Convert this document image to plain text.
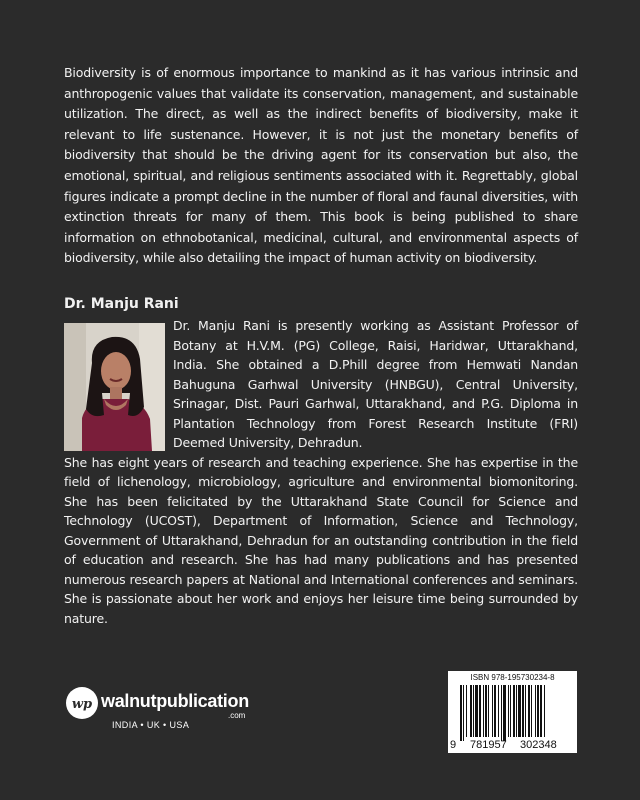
Biodiversity is of enormous importance to mankind as it has various intrinsic and anthropogenic values that validate its conservation, management, and sustainable utilization. The direct, as well as the indirect benefits of biodiversity, make it relevant to life sustenance. However, it is not just the monetary benefits of biodiversity that should be the driving agent for its conservation but also, the emotional, spiritual, and religious sentiments associated with it. Regrettably, global figures indicate a prompt decline in the number of floral and faunal diversities, with extinction threats for many of them. This book is being published to share information on ethnobotanical, medicinal, cultural, and environmental aspects of biodiversity, while also detailing the impact of human activity on biodiversity.

Dr. Manju Rani

Dr. Manju Rani is presently working as Assistant Professor of Botany at H.V.M. (PG) College, Raisi, Haridwar, Uttarakhand, India. She obtained a D.Phill degree from Hemwati Nandan Bahuguna Garhwal University (HNBGU), Central University, Srinagar, Dist. Pauri Garhwal, Uttarakhand, and P.G. Diploma in Plantation Technology from Forest Research Institute (FRI) Deemed University, Dehradun.

She has eight years of research and teaching experience. She has expertise in the field of lichenology, microbiology, agriculture and environmental biomonitoring. She has been felicitated by the Uttarakhand State Council for Science and Technology (UCOST), Department of Information, Science and Technology, Government of Uttarakhand, Dehradun for an outstanding contribution in the field of education and research. She has had many publications and has presented numerous research papers at National and International conferences and seminars. She is passionate about her work and enjoys her leisure time being surrounded by nature.

wp walnutpublication
.com
INDIA • UK • USA
ISBN 978-195730234-8
9 781957 302348
